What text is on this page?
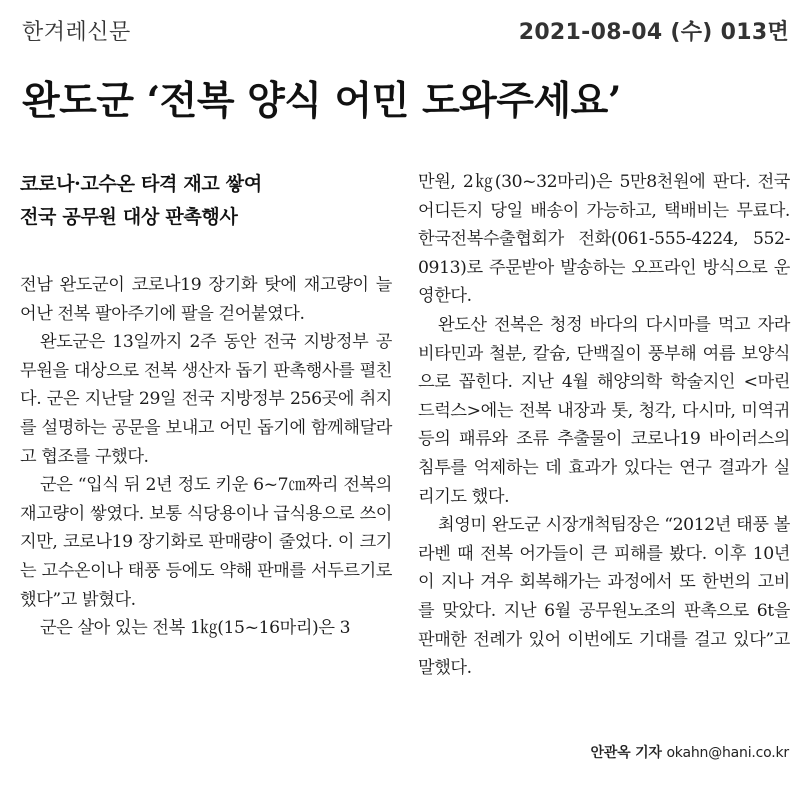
한겨레신문	2021-08-04 (수) 013면
완도군 ‘전복 양식 어민 도와주세요’
코로나·고수온 타격 재고 쌓여
전국 공무원 대상 판촉행사

전남 완도군이 코로나19 장기화 탓에 재고량이 늘어난 전복 팔아주기에 팔을 걷어붙였다.

완도군은 13일까지 2주 동안 전국 지방정부 공무원을 대상으로 전복 생산자 돕기 판촉행사를 펼친다. 군은 지난달 29일 전국 지방정부 256곳에 취지를 설명하는 공문을 보내고 어민 돕기에 함께해달라고 협조를 구했다.

군은 “입식 뒤 2년 정도 키운 6~7㎝짜리 전복의 재고량이 쌓였다. 보통 식당용이나 급식용으로 쓰이지만, 코로나19 장기화로 판매량이 줄었다. 이 크기는 고수온이나 태풍 등에도 약해 판매를 서두르기로 했다”고 밝혔다.

군은 살아 있는 전복 1㎏(15~16마리)은 3

만원, 2㎏(30~32마리)은 5만8천원에 판다. 전국 어디든지 당일 배송이 가능하고, 택배비는 무료다. 한국전복수출협회가 전화(061-555-4224, 552-0913)로 주문받아 발송하는 오프라인 방식으로 운영한다.

완도산 전복은 청정 바다의 다시마를 먹고 자라 비타민과 철분, 칼슘, 단백질이 풍부해 여름 보양식으로 꼽힌다. 지난 4월 해양의학 학술지인 <마린 드럭스>에는 전복 내장과 톳, 청각, 다시마, 미역귀 등의 패류와 조류 추출물이 코로나19 바이러스의 침투를 억제하는 데 효과가 있다는 연구 결과가 실리기도 했다.

최영미 완도군 시장개척팀장은 “2012년 태풍 볼라벤 때 전복 어가들이 큰 피해를 봤다. 이후 10년이 지나 겨우 회복해가는 과정에서 또 한번의 고비를 맞았다. 지난 6월 공무원노조의 판촉으로 6t을 판매한 전례가 있어 이번에도 기대를 걸고 있다”고 말했다.

안관옥 기자 okahn@hani.co.kr
